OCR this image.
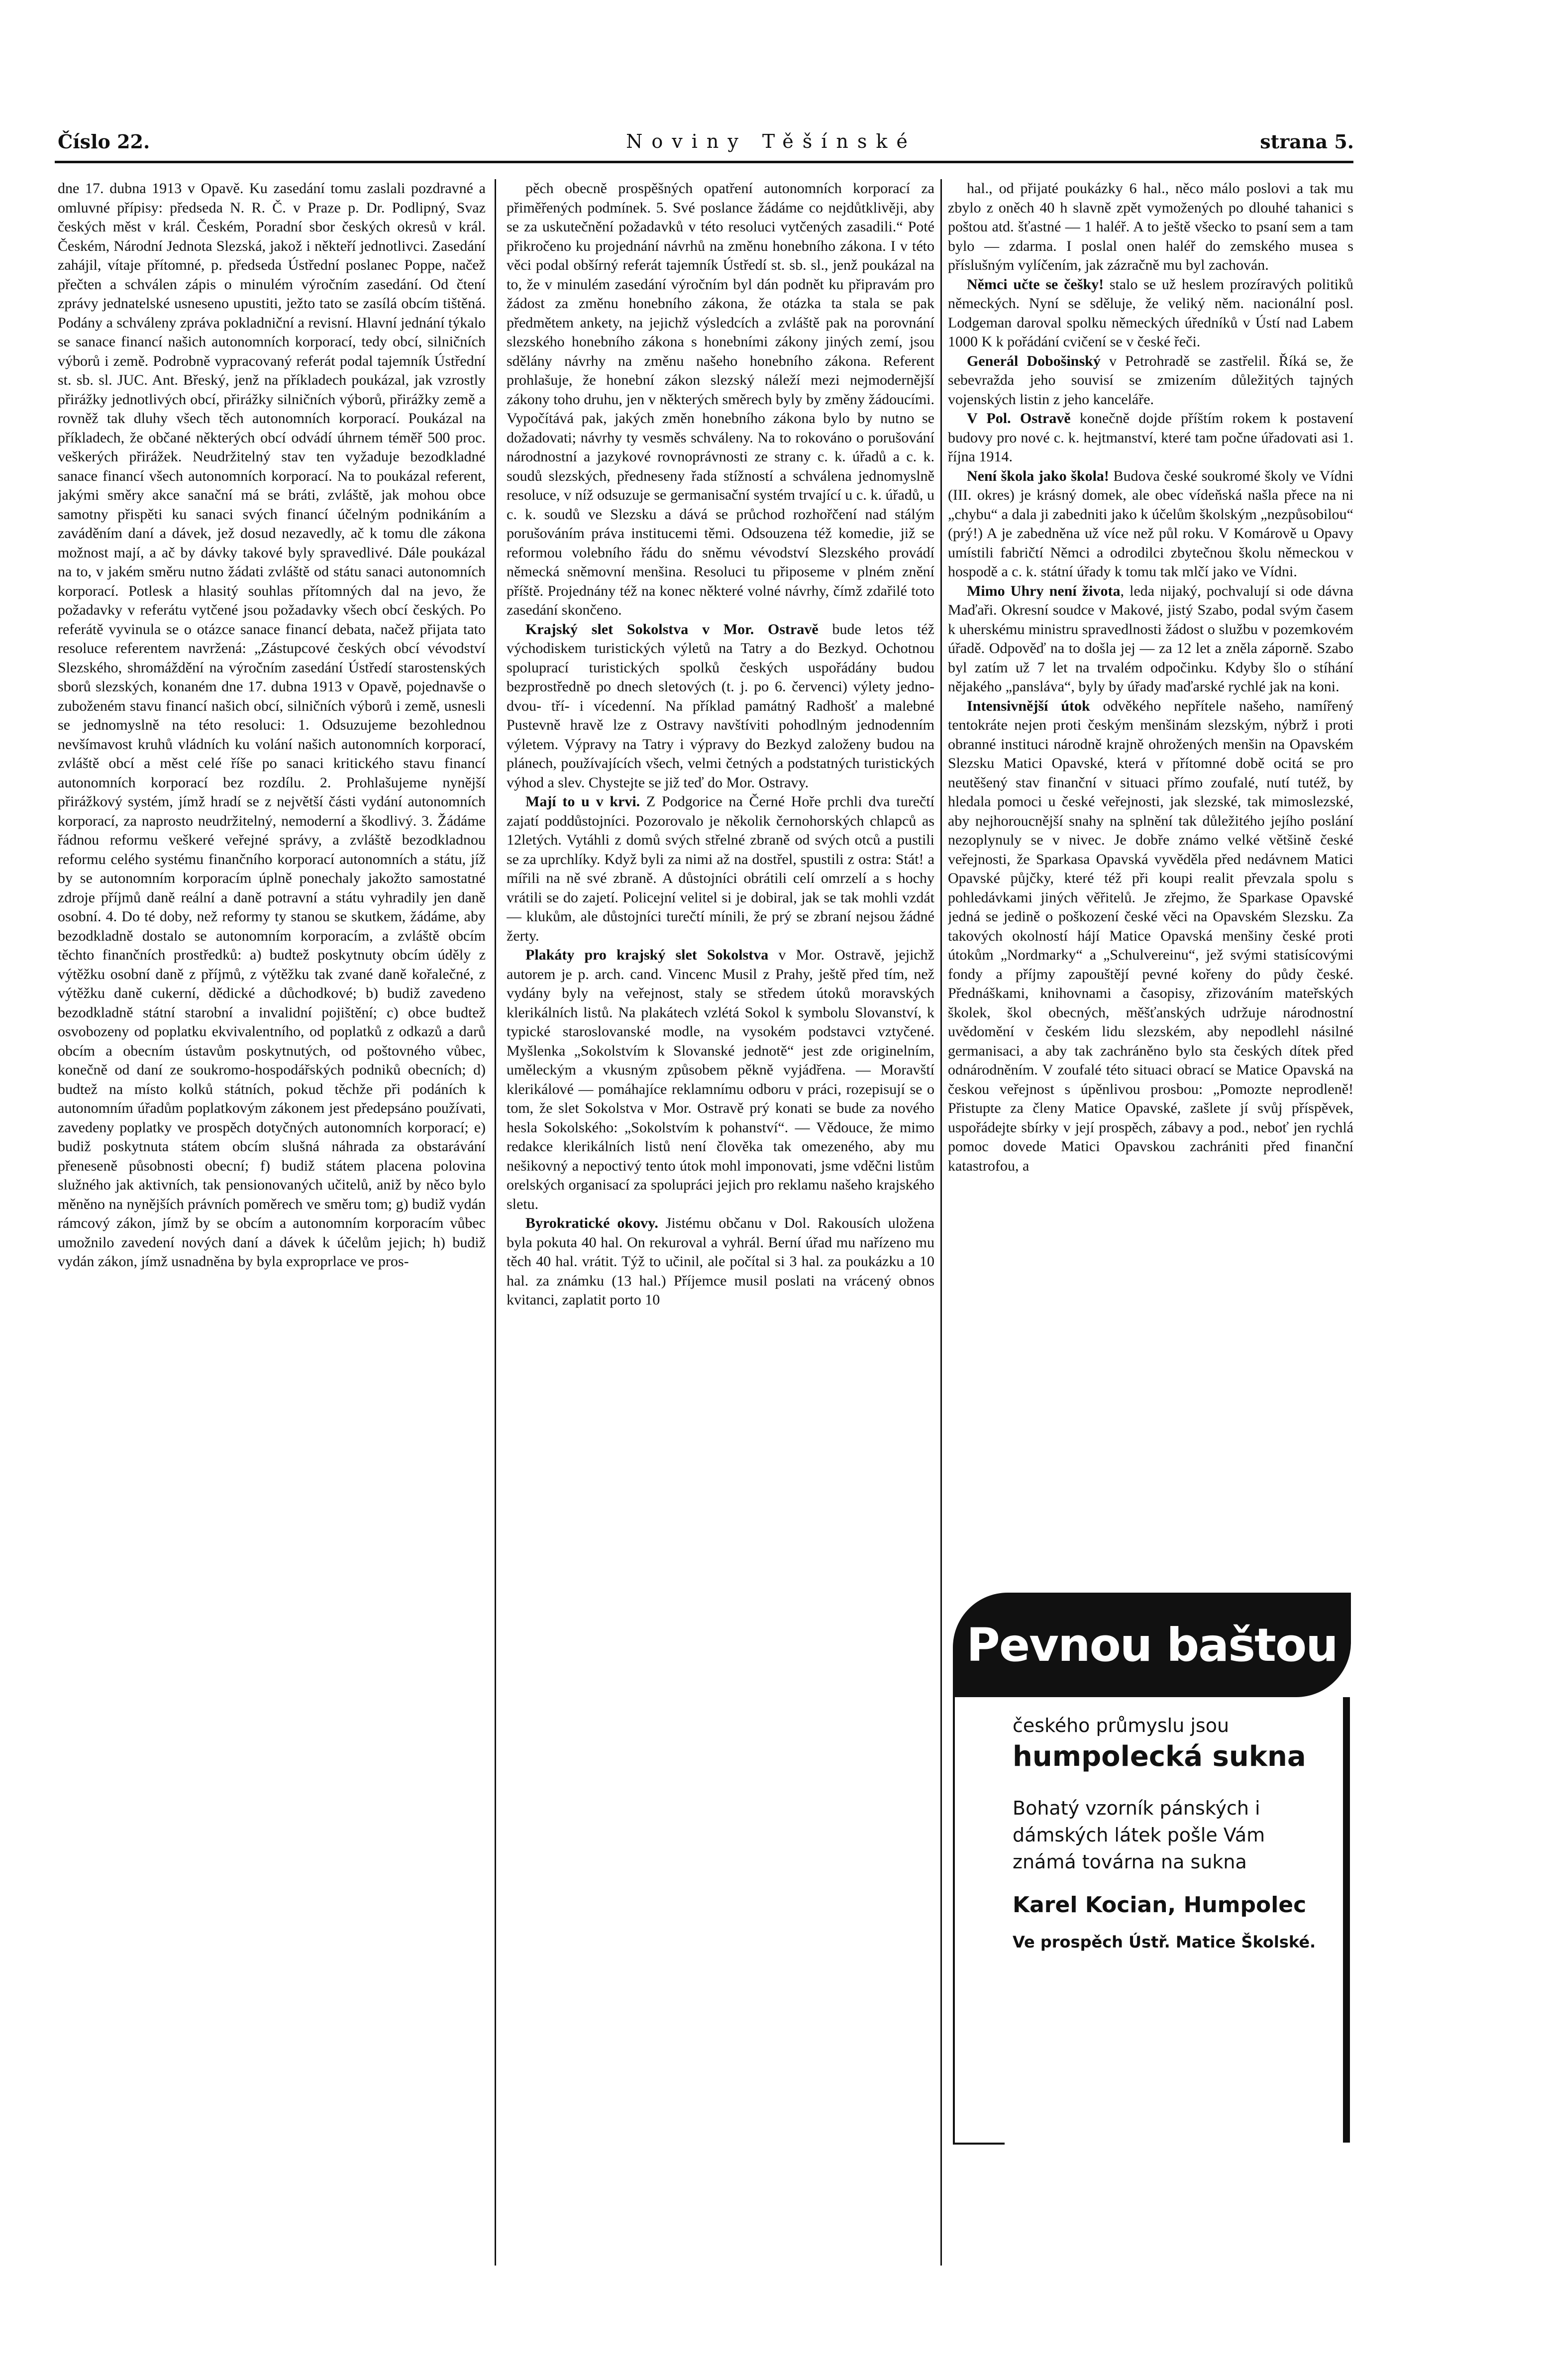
Číslo 22.	Noviny Těšínské	strana 5.

dne 17. dubna 1913 v Opavě. Ku zasedání tomu zaslali pozdravné a omluvné přípisy: předseda N. R. Č. v Praze p. Dr. Podlipný, Svaz českých měst v král. Českém, Poradní sbor českých okresů v král. Českém, Národní Jednota Slezská, jakož i někteří jednotlivci. Zasedání zahájil, vítaje přítomné, p. předseda Ústřední poslanec Poppe, načež přečten a schválen zápis o minulém výročním zasedání. Od čtení zprávy jednatelské usneseno upustiti, ježto tato se zasílá obcím tištěná. Podány a schváleny zpráva pokladniční a revisní. Hlavní jednání týkalo se sanace financí našich autonomních korporací, tedy obcí, silničních výborů i země. Podrobně vypracovaný referát podal tajemník Ústřední st. sb. sl. JUC. Ant. Břeský, jenž na příkladech poukázal, jak vzrostly přirážky jednotlivých obcí, přirážky silničních výborů, přirážky země a rovněž tak dluhy všech těch autonomních korporací. Poukázal na příkladech, že občané některých obcí odvádí úhrnem téměř 500 proc. veškerých přirážek. Neudržitelný stav ten vyžaduje bezodkladné sanace financí všech autonomních korporací. Na to poukázal referent, jakými směry akce sanační má se bráti, zvláště, jak mohou obce samotny přispěti ku sanaci svých financí účelným podnikáním a zaváděním daní a dávek, jež dosud nezavedly, ač k tomu dle zákona možnost mají, a ač by dávky takové byly spravedlivé. Dále poukázal na to, v jakém směru nutno žádati zvláště od státu sanaci autonomních korporací. Potlesk a hlasitý souhlas přítomných dal na jevo, že požadavky v referátu vytčené jsou požadavky všech obcí českých. Po referátě vyvinula se o otázce sanace financí debata, načež přijata tato resoluce referentem navržená: „Zástupcové českých obcí vévodství Slezského, shromáždění na výročním zasedání Ústředí starostenských sborů slezských, konaném dne 17. dubna 1913 v Opavě, pojednavše o zuboženém stavu financí našich obcí, silničních výborů i země, usnesli se jednomyslně na této resoluci: 1. Odsuzujeme bezohlednou nevšímavost kruhů vládních ku volání našich autonomních korporací, zvláště obcí a měst celé říše po sanaci kritického stavu financí autonomních korporací bez rozdílu. 2. Prohlašujeme nynější přirážkový systém, jímž hradí se z největší části vydání autonomních korporací, za naprosto neudržitelný, nemoderní a škodlivý. 3. Žádáme řádnou reformu veškeré veřejné správy, a zvláště bezodkladnou reformu celého systému finančního korporací autonomních a státu, jíž by se autonomním korporacím úplně ponechaly jakožto samostatné zdroje příjmů daně reální a daně potravní a státu vyhradily jen daně osobní. 4. Do té doby, než reformy ty stanou se skutkem, žádáme, aby bezodkladně dostalo se autonomním korporacím, a zvláště obcím těchto finančních prostředků: a) budtež poskytnuty obcím úděly z výtěžku osobní daně z příjmů, z výtěžku tak zvané daně kořalečné, z výtěžku daně cukerní, dědické a důchodkové; b) budiž zavedeno bezodkladně státní starobní a invalidní pojištění; c) obce budtež osvobozeny od poplatku ekvivalentního, od poplatků z odkazů a darů obcím a obecním ústavům poskytnutých, od poštovného vůbec, konečně od daní ze soukromo-hospodářských podniků obecních; d) budtež na místo kolků státních, pokud těchže při podáních k autonomním úřadům poplatkovým zákonem jest předepsáno používati, zavedeny poplatky ve prospěch dotyčných autonomních korporací; e) budiž poskytnuta státem obcím slušná náhrada za obstarávání přeneseně působnosti obecní; f) budiž státem placena polovina služného jak aktivních, tak pensionovaných učitelů, aniž by něco bylo měněno na nynějších právních poměrech ve směru tom; g) budiž vydán rámcový zákon, jímž by se obcím a autonomním korporacím vůbec umožnilo zavedení nových daní a dávek k účelům jejich; h) budiž vydán zákon, jímž usnadněna by byla exproprlace ve pros-

pěch obecně prospěšných opatření autonomních korporací za přiměřených podmínek. 5. Své poslance žádáme co nejdůtklivěji, aby se za uskutečnění požadavků v této resoluci vytčených zasadili.“ Poté přikročeno ku projednání návrhů na změnu honebního zákona. I v této věci podal obšírný referát tajemník Ústředí st. sb. sl., jenž poukázal na to, že v minulém zasedání výročním byl dán podnět ku připravám pro žádost za změnu honebního zákona, že otázka ta stala se pak předmětem ankety, na jejichž výsledcích a zvláště pak na porovnání slezského honebního zákona s honebními zákony jiných zemí, jsou sdělány návrhy na změnu našeho honebního zákona. Referent prohlašuje, že honební zákon slezský náleží mezi nejmodernější zákony toho druhu, jen v některých směrech byly by změny žádoucími. Vypočítává pak, jakých změn honebního zákona bylo by nutno se dožadovati; návrhy ty vesměs schváleny. Na to rokováno o porušování národnostní a jazykové rovnoprávnosti ze strany c. k. úřadů a c. k. soudů slezských, předneseny řada stížností a schválena jednomyslně resoluce, v níž odsuzuje se germanisační systém trvající u c. k. úřadů, u c. k. soudů ve Slezsku a dává se průchod rozhořčení nad stálým porušováním práva institucemi těmi. Odsouzena též komedie, již se reformou volebního řádu do sněmu vévodství Slezského provádí německá sněmovní menšina. Resoluci tu připoseme v plném znění příště. Projednány též na konec některé volné návrhy, čímž zdařilé toto zasedání skončeno.

Krajský slet Sokolstva v Mor. Ostravě bude letos též východiskem turistických výletů na Tatry a do Bezkyd. Ochotnou spoluprací turistických spolků českých uspořádány budou bezprostředně po dnech sletových (t. j. po 6. červenci) výlety jedno- dvou- tří- i vícedenní. Na příklad památný Radhošť a malebné Pustevně hravě lze z Ostravy navštíviti pohodlným jednodenním výletem. Výpravy na Tatry i výpravy do Bezkyd založeny budou na plánech, používajících všech, velmi četných a podstatných turistických výhod a slev. Chystejte se již teď do Mor. Ostravy.

Mají to u v krvi. Z Podgorice na Černé Hoře prchli dva turečtí zajatí poddůstojníci. Pozorovalo je několik černohorských chlapců as 12letých. Vytáhli z domů svých střelné zbraně od svých otců a pustili se za uprchlíky. Když byli za nimi až na dostřel, spustili z ostra: Stát! a mířili na ně své zbraně. A důstojníci obrátili celí omrzelí a s hochy vrátili se do zajetí. Policejní velitel si je dobiral, jak se tak mohli vzdát — klukům, ale důstojníci turečtí mínili, že prý se zbraní nejsou žádné žerty.

Plakáty pro krajský slet Sokolstva v Mor. Ostravě, jejichž autorem je p. arch. cand. Vincenc Musil z Prahy, ještě před tím, než vydány byly na veřejnost, staly se středem útoků moravských klerikálních listů. Na plakátech vzlétá Sokol k symbolu Slovanství, k typické staroslovanské modle, na vysokém podstavci vztyčené. Myšlenka „Sokolstvím k Slovanské jednotě“ jest zde originelním, uměleckým a vkusným způsobem pěkně vyjádřena. — Moravští klerikálové — pomáhajíce reklamnímu odboru v práci, rozepisují se o tom, že slet Sokolstva v Mor. Ostravě prý konati se bude za nového hesla Sokolského: „Sokolstvím k pohanství“. — Vědouce, že mimo redakce klerikálních listů není člověka tak omezeného, aby mu nešikovný a nepoctivý tento útok mohl imponovati, jsme vděčni listům orelských organisací za spolupráci jejich pro reklamu našeho krajského sletu.

Byrokratické okovy. Jistému občanu v Dol. Rakousích uložena byla pokuta 40 hal. On rekuroval a vyhrál. Berní úřad mu nařízeno mu těch 40 hal. vrátit. Týž to učinil, ale počítal si 3 hal. za poukázku a 10 hal. za známku (13 hal.) Příjemce musil poslati na vrácený obnos kvitanci, zaplatit porto 10

hal., od přijaté poukázky 6 hal., něco málo poslovi a tak mu zbylo z oněch 40 h slavně zpět vymožených po dlouhé tahanici s poštou atd. šťastné — 1 haléř. A to ještě všecko to psaní sem a tam bylo — zdarma. I poslal onen haléř do zemského musea s příslušným vylíčením, jak zázračně mu byl zachován.

Němci učte se češky! stalo se už heslem prozíravých politiků německých. Nyní se sděluje, že veliký něm. nacionální posl. Lodgeman daroval spolku německých úředníků v Ústí nad Labem 1000 K k pořádání cvičení se v české řeči.

Generál Dobošinský v Petrohradě se zastřelil. Říká se, že sebevražda jeho souvisí se zmizením důležitých tajných vojenských listin z jeho kanceláře.

V Pol. Ostravě konečně dojde příštím rokem k postavení budovy pro nové c. k. hejtmanství, které tam počne úřadovati asi 1. října 1914.

Není škola jako škola! Budova české soukromé školy ve Vídni (III. okres) je krásný domek, ale obec vídeňská našla přece na ni „chybu“ a dala ji zabedniti jako k účelům školským „nezpůsobilou“ (prý!) A je zabedněna už více než půl roku. V Komárově u Opavy umístili fabričtí Němci a odrodilci zbytečnou školu německou v hospodě a c. k. státní úřady k tomu tak mlčí jako ve Vídni.

Mimo Uhry není života, leda nijaký, pochvalují si ode dávna Maďaři. Okresní soudce v Makové, jistý Szabo, podal svým časem k uherskému ministru spravedlnosti žádost o službu v pozemkovém úřadě. Odpověď na to došla jej — za 12 let a zněla záporně. Szabo byl zatím už 7 let na trvalém odpočinku. Kdyby šlo o stíhání nějakého „panslávа“, byly by úřady maďarské rychlé jak na koni.

Intensivnější útok odvěkého nepřítele našeho, namířený tentokráte nejen proti českým menšinám slezským, nýbrž i proti obranné instituci národně krajně ohrožených menšin na Opavském Slezsku Matici Opavské, která v přítomné době ocitá se pro neutěšený stav finanční v situaci přímo zoufalé, nutí tutéž, by hledala pomoci u české veřejnosti, jak slezské, tak mimoslezské, aby nejhoroucnější snahy na splnění tak důležitého jejího poslání nezoplynuly se v nivec. Je dobře známo velké většině české veřejnosti, že Sparkasa Opavská vyvěděla před nedávnem Matici Opavské půjčky, které též při koupi realit převzala spolu s pohledávkami jiných věřitelů. Je zřejmo, že Sparkase Opavské jedná se jedině o poškození české věci na Opavském Slezsku. Za takových okolností hájí Matice Opavská menšiny české proti útokům „Nordmarky“ a „Schulvereinu“, jež svými statisícovými fondy a příjmy zapouštějí pevné kořeny do půdy české. Přednáškami, knihovnami a časopisy, zřizováním mateřských školek, škol obecných, měšťanských udržuje národnostní uvědomění v českém lidu slezském, aby nepodlehl násilné germanisaci, a aby tak zachráněno bylo sta českých dítek před odnárodněním. V zoufalé této situaci obrací se Matice Opavská na českou veřejnost s úpěnlivou prosbou: „Pomozte neprodleně! Přistupte za členy Matice Opavské, zašlete jí svůj příspěvek, uspořádejte sbírky v její prospěch, zábavy a pod., neboť jen rychlá pomoc dovede Matici Opavskou zachrániti před finanční katastrofou, a

Pevnou baštou
českého průmyslu jsou
humpolecká sukna
Bohatý vzorník pánských i
dámských látek pošle Vám
známá továrna na sukna
Karel Kocian, Humpolec
Ve prospěch Ústř. Matice Školské.
